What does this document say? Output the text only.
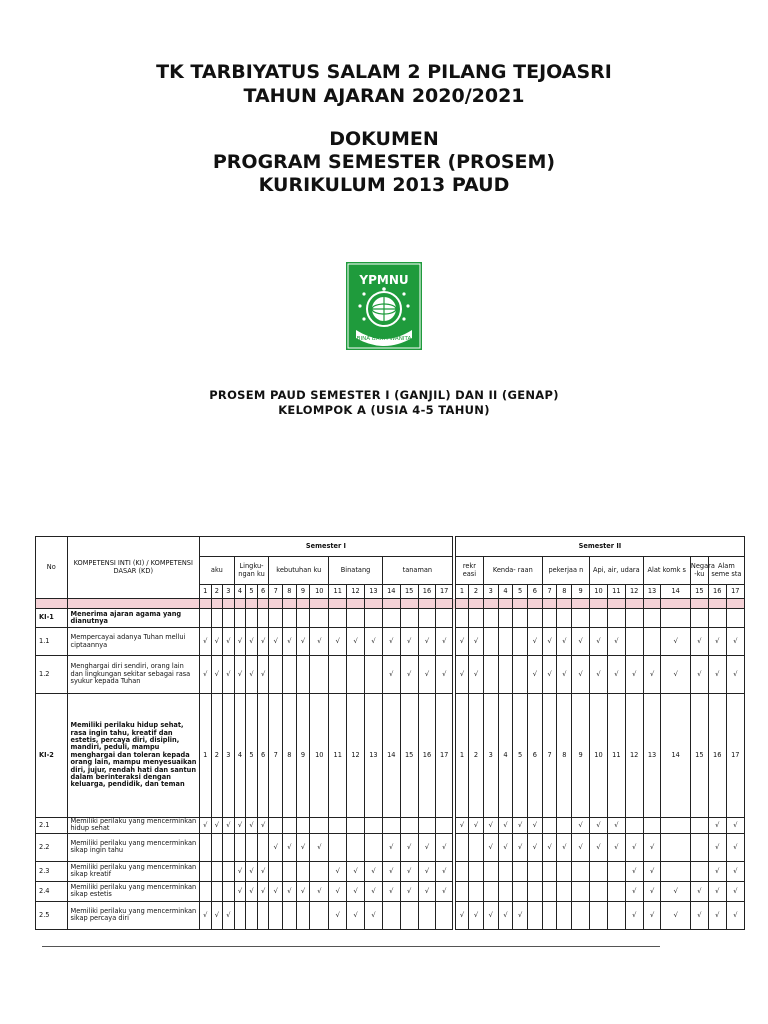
TK TARBIYATUS SALAM 2 PILANG TEJOASRI
TAHUN AJARAN 2020/2021
DOKUMEN
PROGRAM SEMESTER (PROSEM)
KURIKULUM 2013 PAUD
YPMNU
BINA BAKTI WANITA
PROSEM PAUD SEMESTER I (GANJIL) DAN II (GENAP)
KELOMPOK A (USIA 4-5 TAHUN)
No	KOMPETENSI INTI (KI) / KOMPETENSI DASAR (KD)	Semester I																	Semester II																
		aku			Lingku- ngan ku			kebutuhan ku				Binatang			tanaman				rekr easi		Kenda- raan				pekerjaa n			Api, air, udara			Alat komk s		Negara -ku	Alam seme sta	
		1	2	3	4	5	6	7	8	9	10	11	12	13	14	15	16	17	1	2	3	4	5	6	7	8	9	10	11	12	13	14	15	16	17

KI-1	Menerima ajaran agama yang dianutnya																																		
1.1	Mempercayai adanya Tuhan mellui ciptaannya	√	√	√	√	√	√	√	√	√	√	√	√	√	√	√	√	√	√	√				√	√	√	√	√	√			√	√	√	√
1.2	Menghargai diri sendiri, orang lain dan lingkungan sekitar sebagai rasa syukur kepada Tuhan	√	√	√	√	√	√								√	√	√	√	√	√				√	√	√	√	√	√	√	√	√	√	√	√
KI-2	Memiliki perilaku hidup sehat, rasa ingin tahu, kreatif dan estetis, percaya diri, disiplin, mandiri, peduli, mampu menghargai dan toleran kepada orang lain, mampu menyesuaikan diri, jujur, rendah hati dan santun dalam berinteraksi dengan keluarga, pendidik, dan teman	1	2	3	4	5	6	7	8	9	10	11	12	13	14	15	16	17	1	2	3	4	5	6	7	8	9	10	11	12	13	14	15	16	17
2.1	Memiliki perilaku yang mencerminkan hidup sehat	√	√	√	√	√	√												√	√	√	√	√	√			√	√	√					√	√
2.2	Memiliki perilaku yang mencerminkan sikap ingin tahu							√	√	√	√				√	√	√	√			√	√	√	√	√	√	√	√	√	√	√			√	√
2.3	Memiliki perilaku yang mencerminkan sikap kreatif				√	√	√					√	√	√	√	√	√	√												√	√			√	√
2.4	Memiliki perilaku yang mencerminkan sikap estetis				√	√	√	√	√	√	√	√	√	√	√	√	√	√												√	√	√	√	√	√
2.5	Memiliki perilaku yang mencerminkan sikap percaya diri	√	√	√								√	√	√					√	√	√	√	√							√	√	√	√	√	√
